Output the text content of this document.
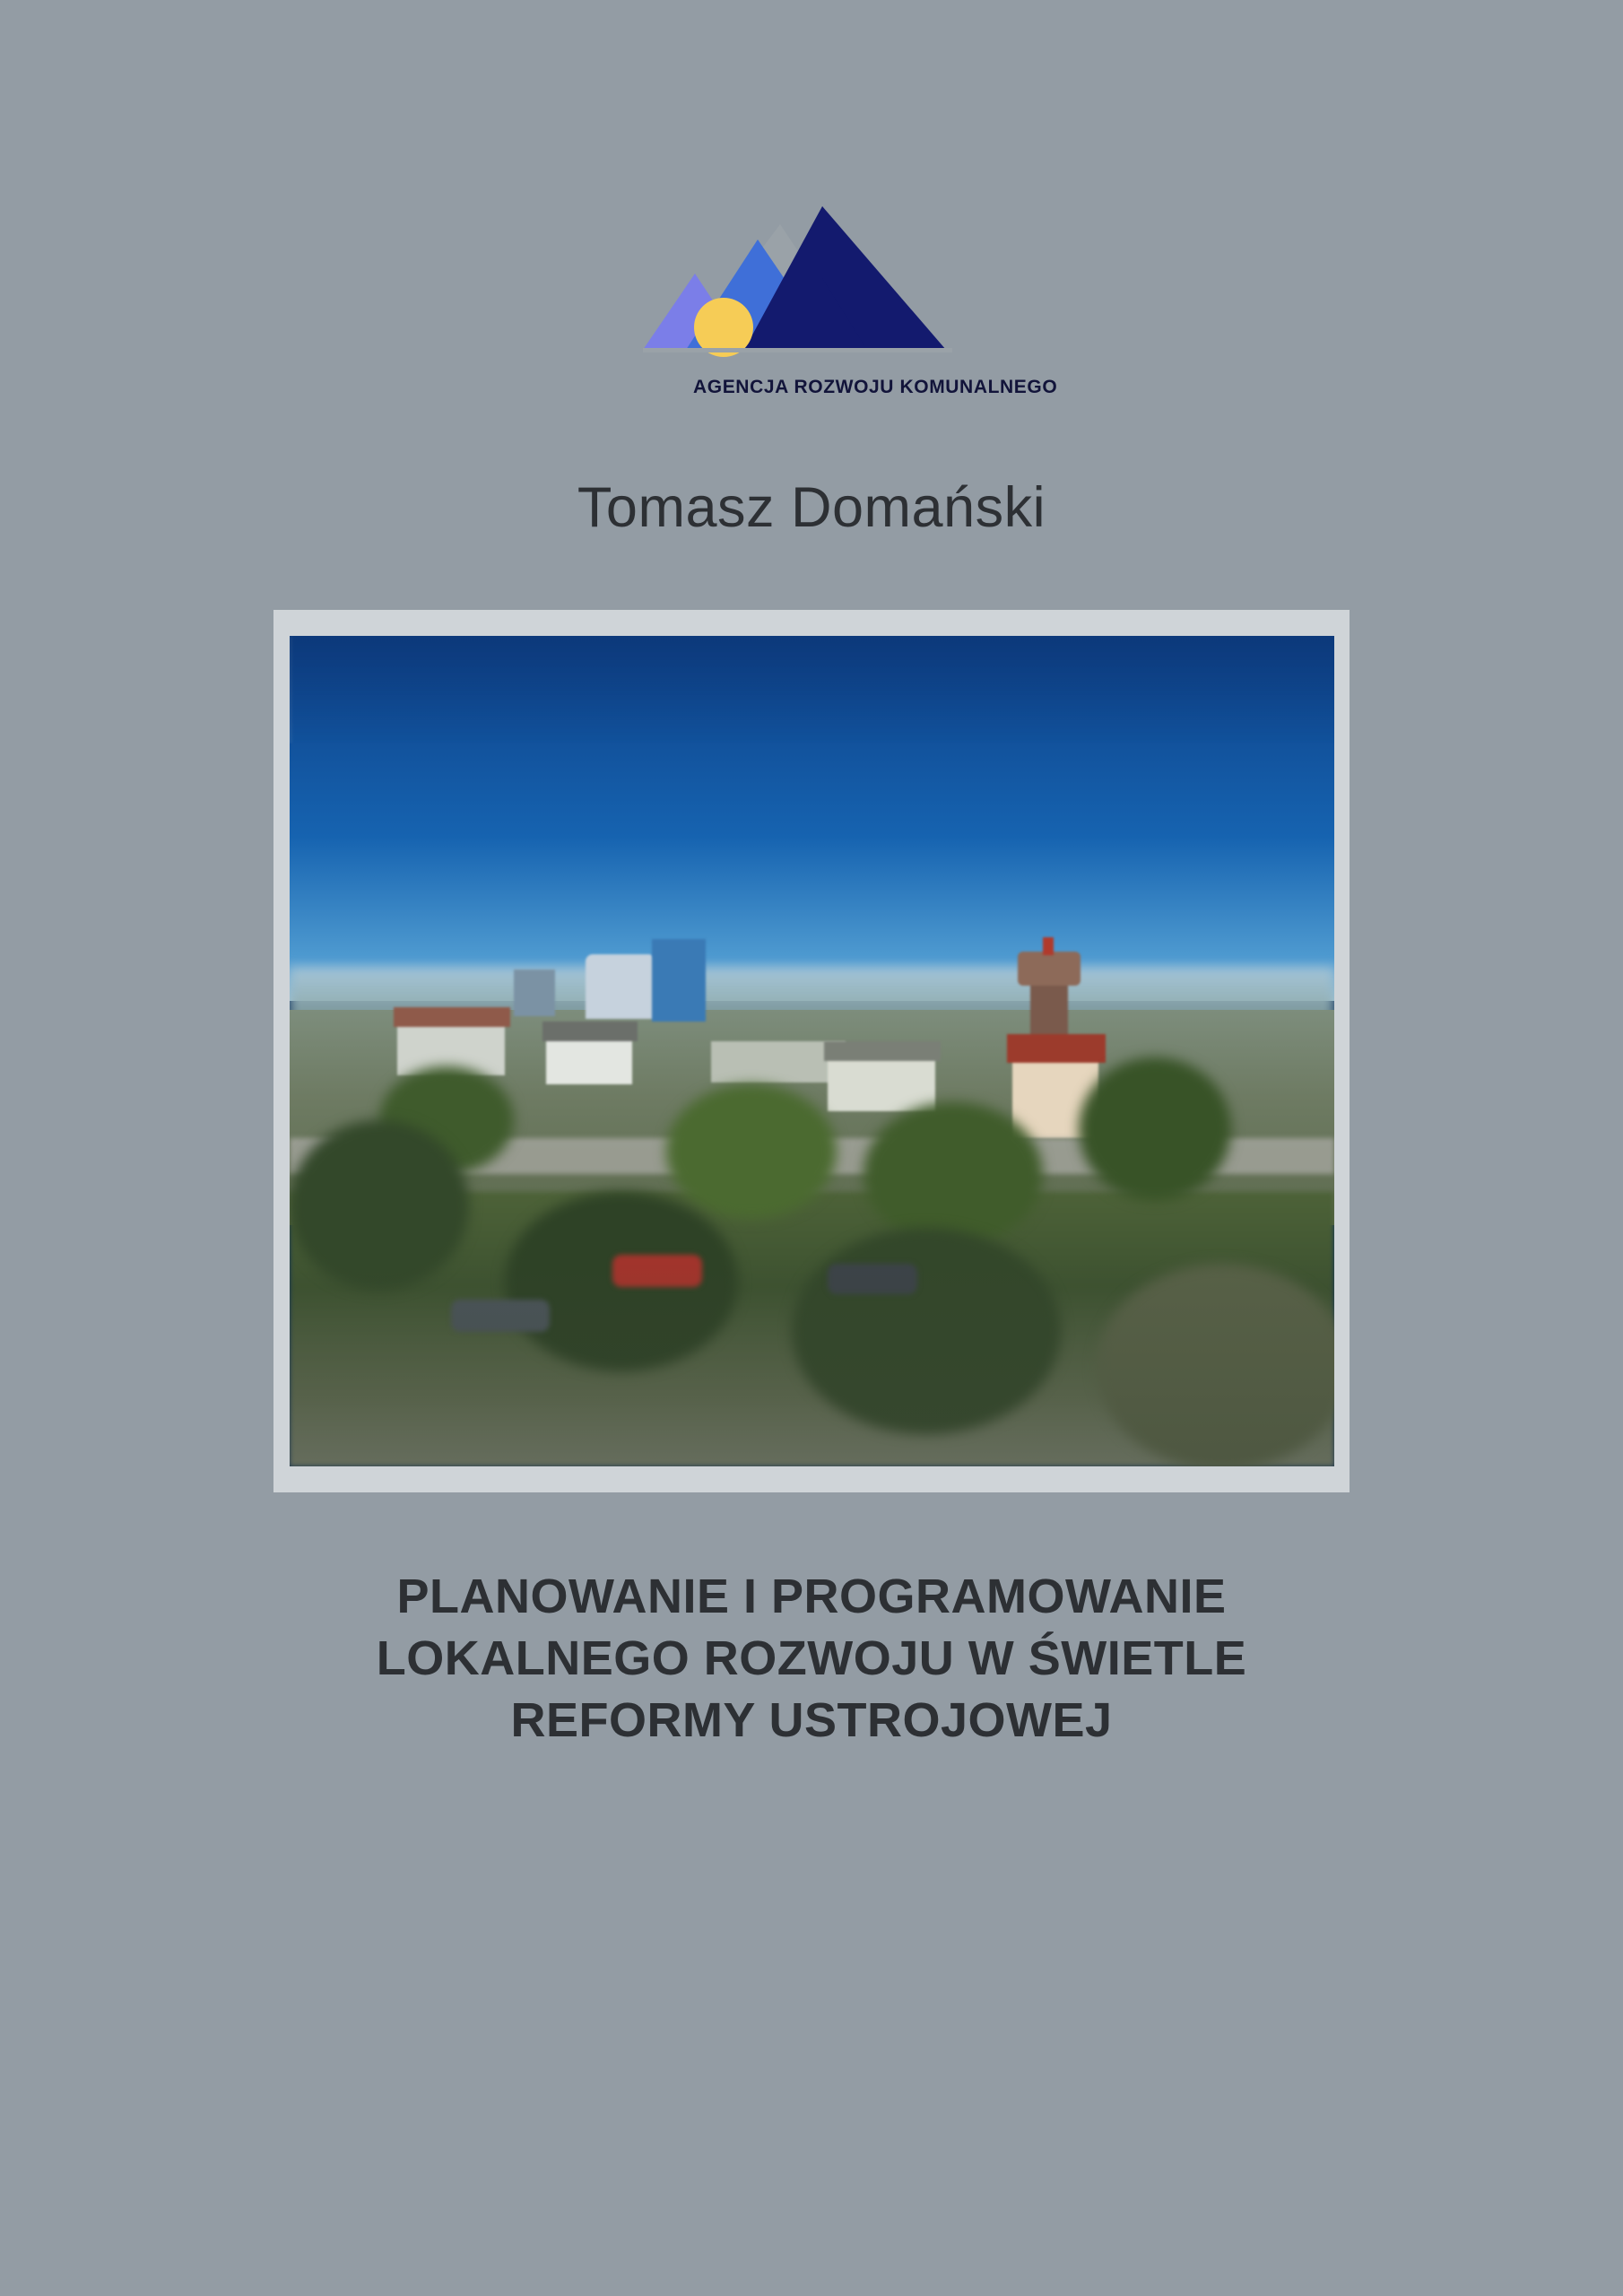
AGENCJA ROZWOJU KOMUNALNEGO
Tomasz Domański
PLANOWANIE I PROGRAMOWANIE
LOKALNEGO ROZWOJU W ŚWIETLE
REFORMY USTROJOWEJ
